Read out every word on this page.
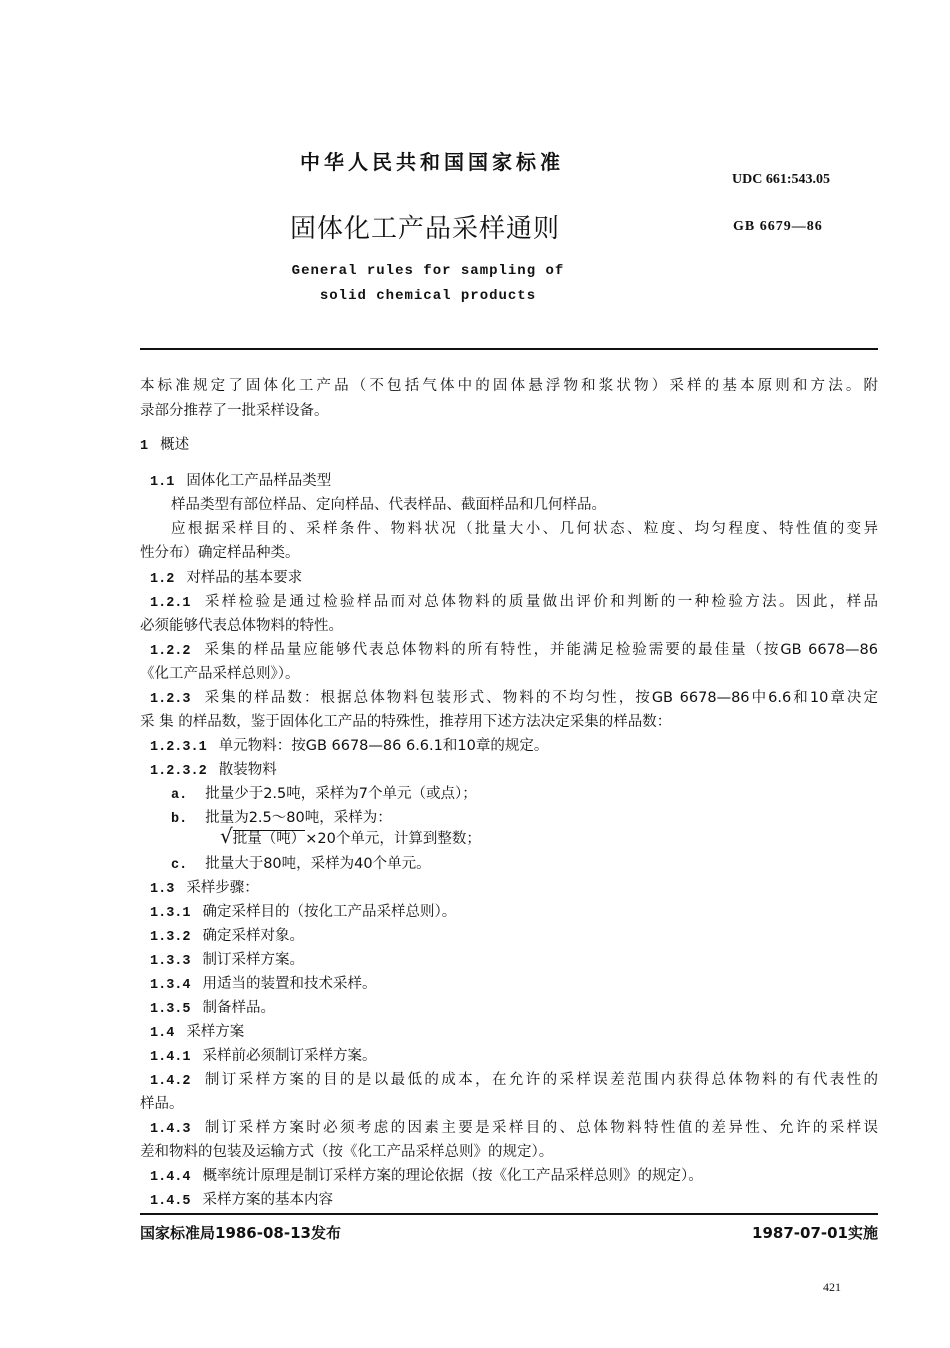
中华人民共和国国家标准
UDC 661:543.05
固体化工产品采样通则	GB 6679—86
General rules for sampling of
solid chemical products
本标准规定了固体化工产品（不包括气体中的固体悬浮物和浆状物）采样的基本原则和方法。附
录部分推荐了一批采样设备。
1 概述
1.1 固体化工产品样品类型
样品类型有部位样品、定向样品、代表样品、截面样品和几何样品。
应根据采样目的、采样条件、物料状况（批量大小、几何状态、粒度、均匀程度、特性值的变异
性分布）确定样品种类。
1.2 对样品的基本要求
1.2.1 采样检验是通过检验样品而对总体物料的质量做出评价和判断的一种检验方法。因此，样品
必须能够代表总体物料的特性。
1.2.2 采集的样品量应能够代表总体物料的所有特性，并能满足检验需要的最佳量（按GB 6678—86
《化工产品采样总则》）。
1.2.3 采集的样品数：根据总体物料包装形式、物料的不均匀性，按GB 6678—86中6.6和10章决定
采 集 的样品数，鉴于固体化工产品的特殊性，推荐用下述方法决定采集的样品数：
1.2.3.1 单元物料：按GB 6678—86 6.6.1和10章的规定。
1.2.3.2 散装物料
a. 批量少于2.5吨，采样为7个单元（或点）；
b. 批量为2.5～80吨，采样为：
√批量（吨）×20个单元，计算到整数；
c. 批量大于80吨，采样为40个单元。
1.3 采样步骤：
1.3.1 确定采样目的（按化工产品采样总则）。
1.3.2 确定采样对象。
1.3.3 制订采样方案。
1.3.4 用适当的装置和技术采样。
1.3.5 制备样品。
1.4 采样方案
1.4.1 采样前必须制订采样方案。
1.4.2 制订采样方案的目的是以最低的成本，在允许的采样误差范围内获得总体物料的有代表性的
样品。
1.4.3 制订采样方案时必须考虑的因素主要是采样目的、总体物料特性值的差异性、允许的采样误
差和物料的包装及运输方式（按《化工产品采样总则》的规定）。
1.4.4 概率统计原理是制订采样方案的理论依据（按《化工产品采样总则》的规定）。
1.4.5 采样方案的基本内容
国家标准局1986-08-13发布	1987-07-01实施
421
